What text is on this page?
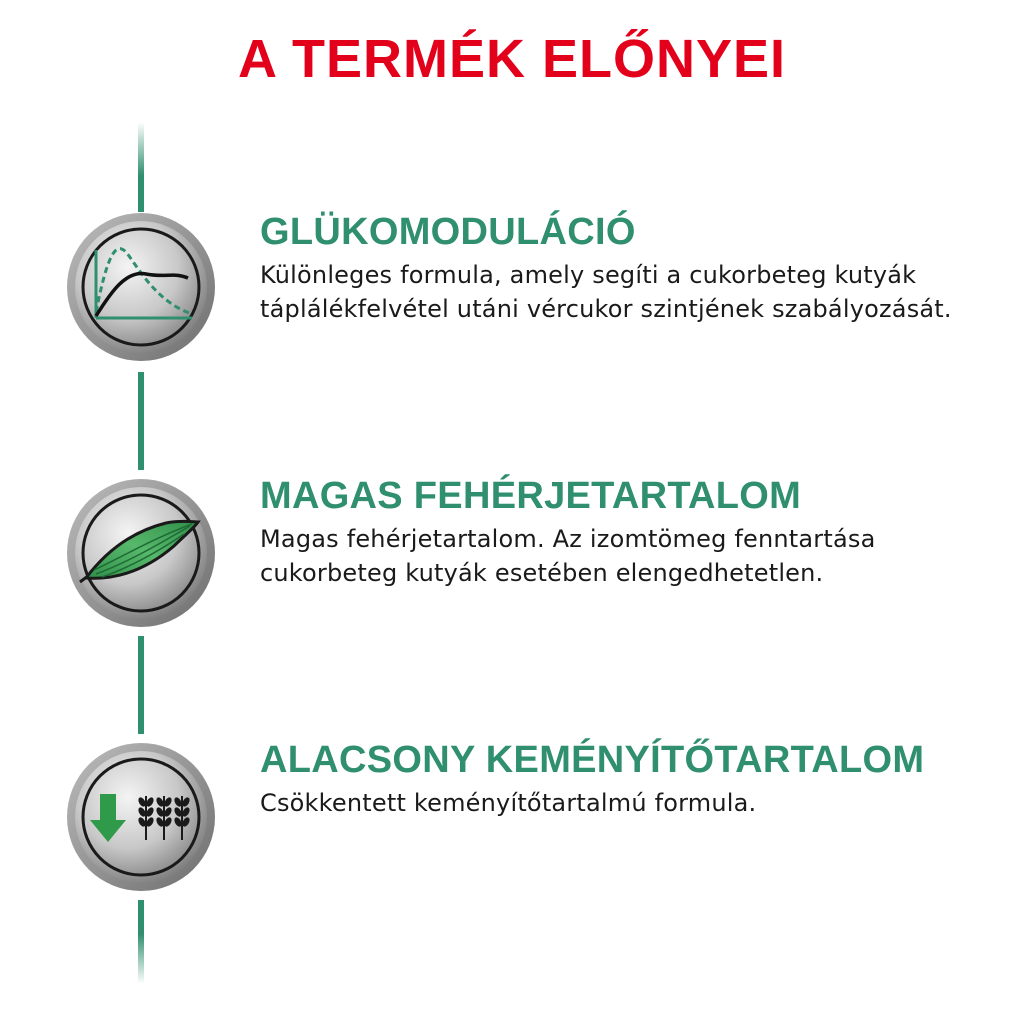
A TERMÉK ELŐNYEI
GLÜKOMODULÁCIÓ

Különleges formula, amely segíti a cukorbeteg kutyák táplálékfelvétel utáni vércukor szintjének szabályozását.

MAGAS FEHÉRJETARTALOM

Magas fehérjetartalom. Az izomtömeg fenntartása cukorbeteg kutyák esetében elengedhetetlen.

ALACSONY KEMÉNYÍTŐTARTALOM

Csökkentett keményítőtartalmú formula.
